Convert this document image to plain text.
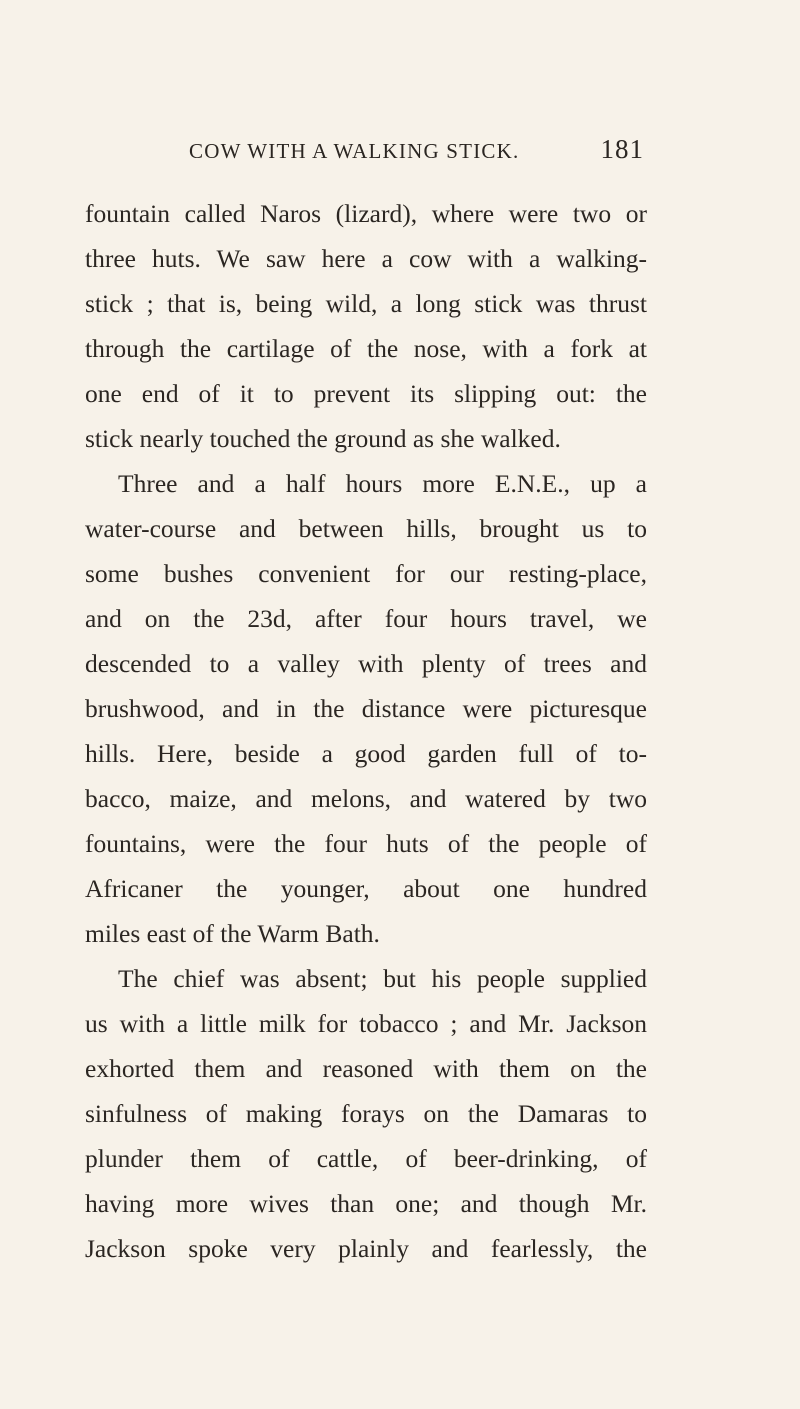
COW WITH A WALKING STICK.	181
fountain called Naros (lizard), where were two or
three huts. We saw here a cow with a walking-
stick ; that is, being wild, a long stick was thrust
through the cartilage of the nose, with a fork at
one end of it to prevent its slipping out: the
stick nearly touched the ground as she walked.
Three and a half hours more E.N.E., up a
water-course and between hills, brought us to
some bushes convenient for our resting-place,
and on the 23d, after four hours travel, we
descended to a valley with plenty of trees and
brushwood, and in the distance were picturesque
hills. Here, beside a good garden full of to-
bacco, maize, and melons, and watered by two
fountains, were the four huts of the people of
Africaner the younger, about one hundred
miles east of the Warm Bath.
The chief was absent; but his people supplied
us with a little milk for tobacco ; and Mr. Jackson
exhorted them and reasoned with them on the
sinfulness of making forays on the Damaras to
plunder them of cattle, of beer-drinking, of
having more wives than one; and though Mr.
Jackson spoke very plainly and fearlessly, the
